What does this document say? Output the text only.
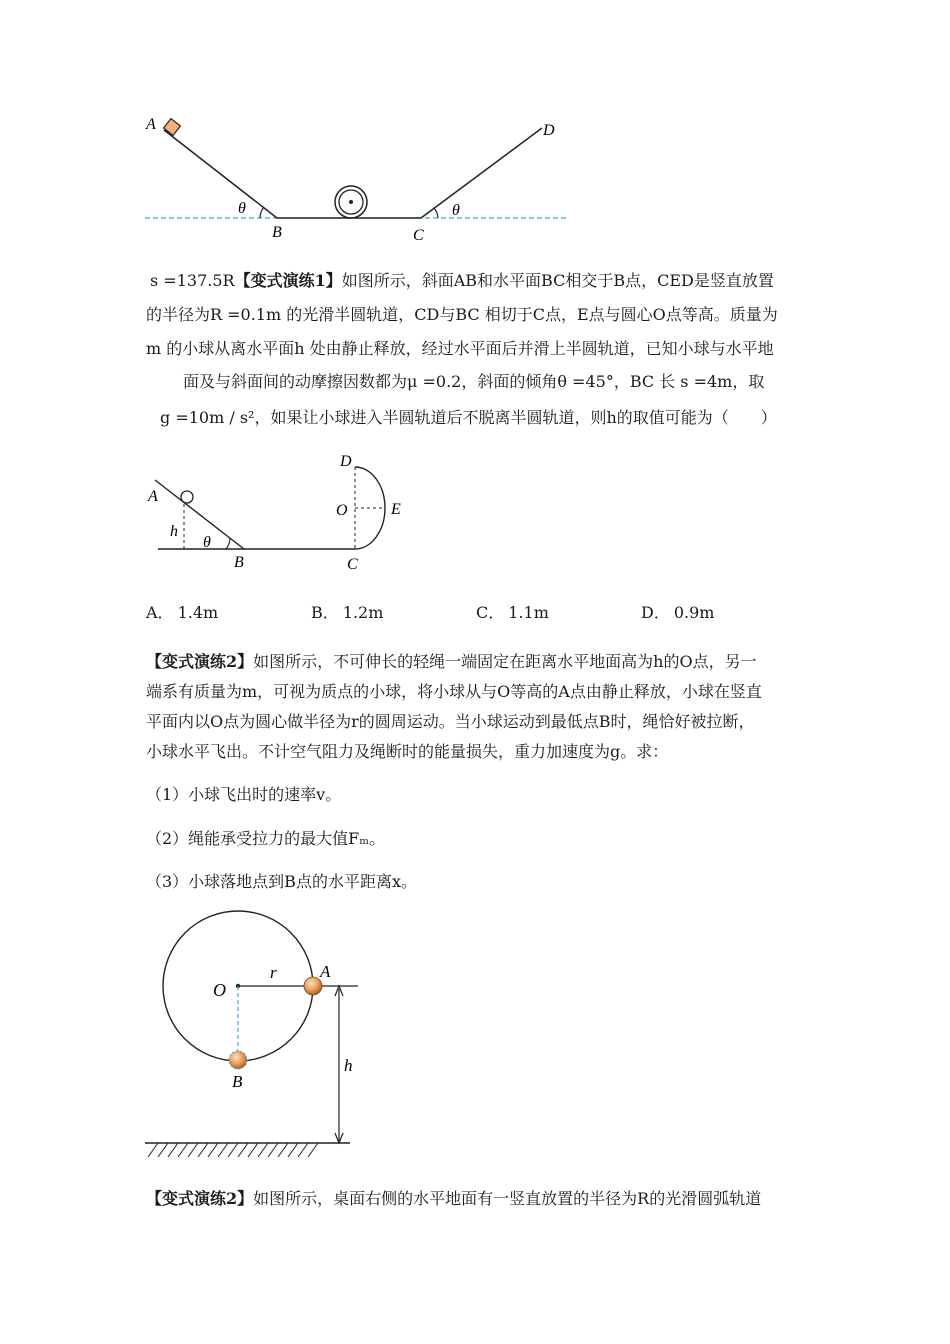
A	D
B	C
θ	θ
s =137.5R【变式演练1】如图所示，斜面AB和水平面BC相交于B点，CED是竖直放置
的半径为R =0.1m 的光滑半圆轨道，CD与BC 相切于C点，E点与圆心O点等高。质量为
m 的小球从离水平面h 处由静止释放，经过水平面后并滑上半圆轨道，已知小球与水平地
面及与斜面间的动摩擦因数都为μ =0.2，斜面的倾角θ =45°，BC 长 s =4m，取
g =10m / s²，如果让小球进入半圆轨道后不脱离半圆轨道，则h的取值可能为（　　）
A
h
θ
B	C
D
O	E
A． 1.4m	B． 1.2m	C． 1.1m	D． 0.9m
【变式演练2】如图所示，不可伸长的轻绳一端固定在距离水平地面高为h的O点，另一
端系有质量为m，可视为质点的小球，将小球从与O等高的A点由静止释放，小球在竖直
平面内以O点为圆心做半径为r的圆周运动。当小球运动到最低点B时，绳恰好被拉断，
小球水平飞出。不计空气阻力及绳断时的能量损失，重力加速度为g。求：
（1）小球飞出时的速率v。
（2）绳能承受拉力的最大值Fₘ。
（3）小球落地点到B点的水平距离x。
O
r	A
B
h
【变式演练2】如图所示，桌面右侧的水平地面有一竖直放置的半径为R的光滑圆弧轨道
